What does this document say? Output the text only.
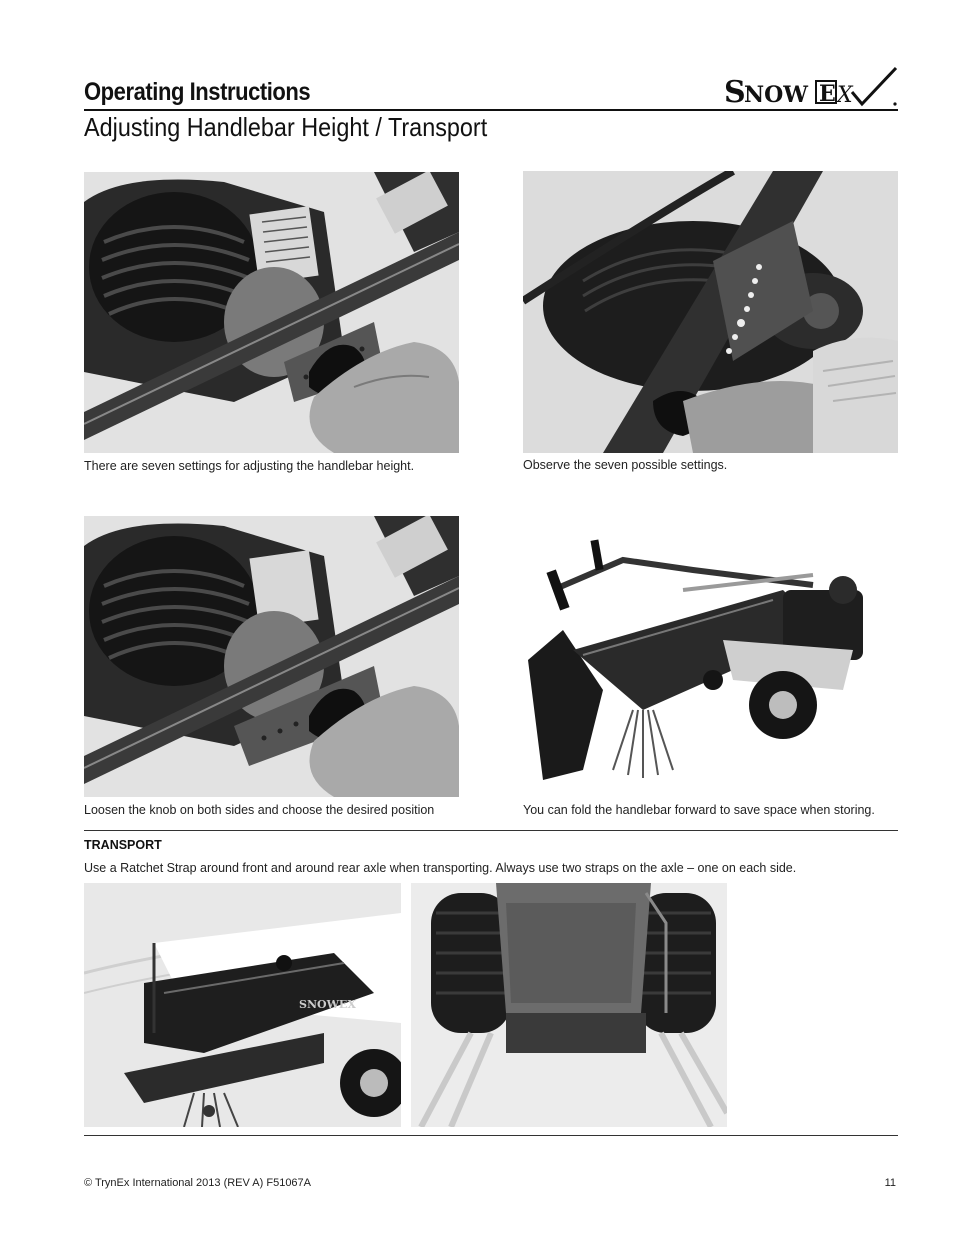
Operating Instructions
Adjusting Handlebar Height / Transport
S
NOW E X
There are seven settings for adjusting the handlebar height.	Observe the seven possible settings.
Loosen the knob on both sides and choose the desired position	You can fold the handlebar forward to save space when storing.
TRANSPORT
Use a Ratchet Strap around front and around rear axle when transporting. Always use two straps on the axle – one on each side.
SNOWEX
© TrynEx International 2013 (REV A) F51067A	11
